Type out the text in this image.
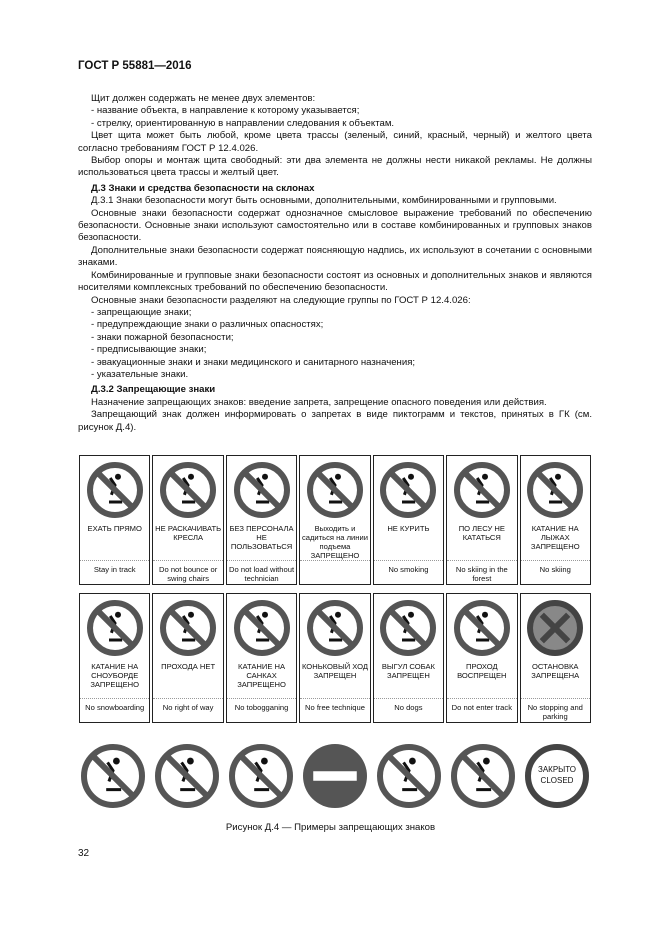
ГОСТ Р 55881—2016

Щит должен содержать не менее двух элементов:

- название объекта, в направление к которому указывается;

- стрелку, ориентированную в направлении следования к объектам.

Цвет щита может быть любой, кроме цвета трассы (зеленый, синий, красный, черный) и желтого цвета согласно требованиям ГОСТ Р 12.4.026.

Выбор опоры и монтаж щита свободный: эти два элемента не должны нести никакой рекламы. Не должны использоваться цвета трассы и желтый цвет.

Д.3 Знаки и средства безопасности на склонах

Д.3.1 Знаки безопасности могут быть основными, дополнительными, комбинированными и групповыми.

Основные знаки безопасности содержат однозначное смысловое выражение требований по обеспечению безопасности. Основные знаки используют самостоятельно или в составе комбинированных и групповых знаков безопасности.

Дополнительные знаки безопасности содержат поясняющую надпись, их используют в сочетании с основными знаками.

Комбинированные и групповые знаки безопасности состоят из основных и дополнительных знаков и являются носителями комплексных требований по обеспечению безопасности.

Основные знаки безопасности разделяют на следующие группы по ГОСТ Р 12.4.026:

- запрещающие знаки;

- предупреждающие знаки о различных опасностях;

- знаки пожарной безопасности;

- предписывающие знаки;

- эвакуационные знаки и знаки медицинского и санитарного назначения;

- указательные знаки.

Д.3.2 Запрещающие знаки

Назначение запрещающих знаков: введение запрета, запрещение опасного поведения или действия.

Запрещающий знак должен информировать о запретах в виде пиктограмм и текстов, принятых в ГК (см. рисунок Д.4).

ЕХАТЬ ПРЯМО
Stay in track
НЕ РАСКАЧИВАТЬ КРЕСЛА
Do not bounce or swing chairs
БЕЗ ПЕРСОНАЛА НЕ ПОЛЬЗОВАТЬСЯ
Do not load without technician
Выходить и садиться на линии подъема ЗАПРЕЩЕНО
НЕ КУРИТЬ
No smoking
ПО ЛЕСУ НЕ КАТАТЬСЯ
No skiing in the forest
КАТАНИЕ НА ЛЫЖАХ ЗАПРЕЩЕНО
No skiing
КАТАНИЕ НА СНОУБОРДЕ ЗАПРЕЩЕНО
No snowboarding
ПРОХОДА НЕТ
No right of way
КАТАНИЕ НА САНКАХ ЗАПРЕЩЕНО
No tobogganing
КОНЬКОВЫЙ ХОД ЗАПРЕЩЕН
No free technique
ВЫГУЛ СОБАК ЗАПРЕЩЕН
No dogs
ПРОХОД ВОСПРЕЩЕН
Do not enter track
ОСТАНОВКА ЗАПРЕЩЕНА
No stopping and parking
ЗАКРЫТО
CLOSED
Рисунок Д.4 — Примеры запрещающих знаков
32
